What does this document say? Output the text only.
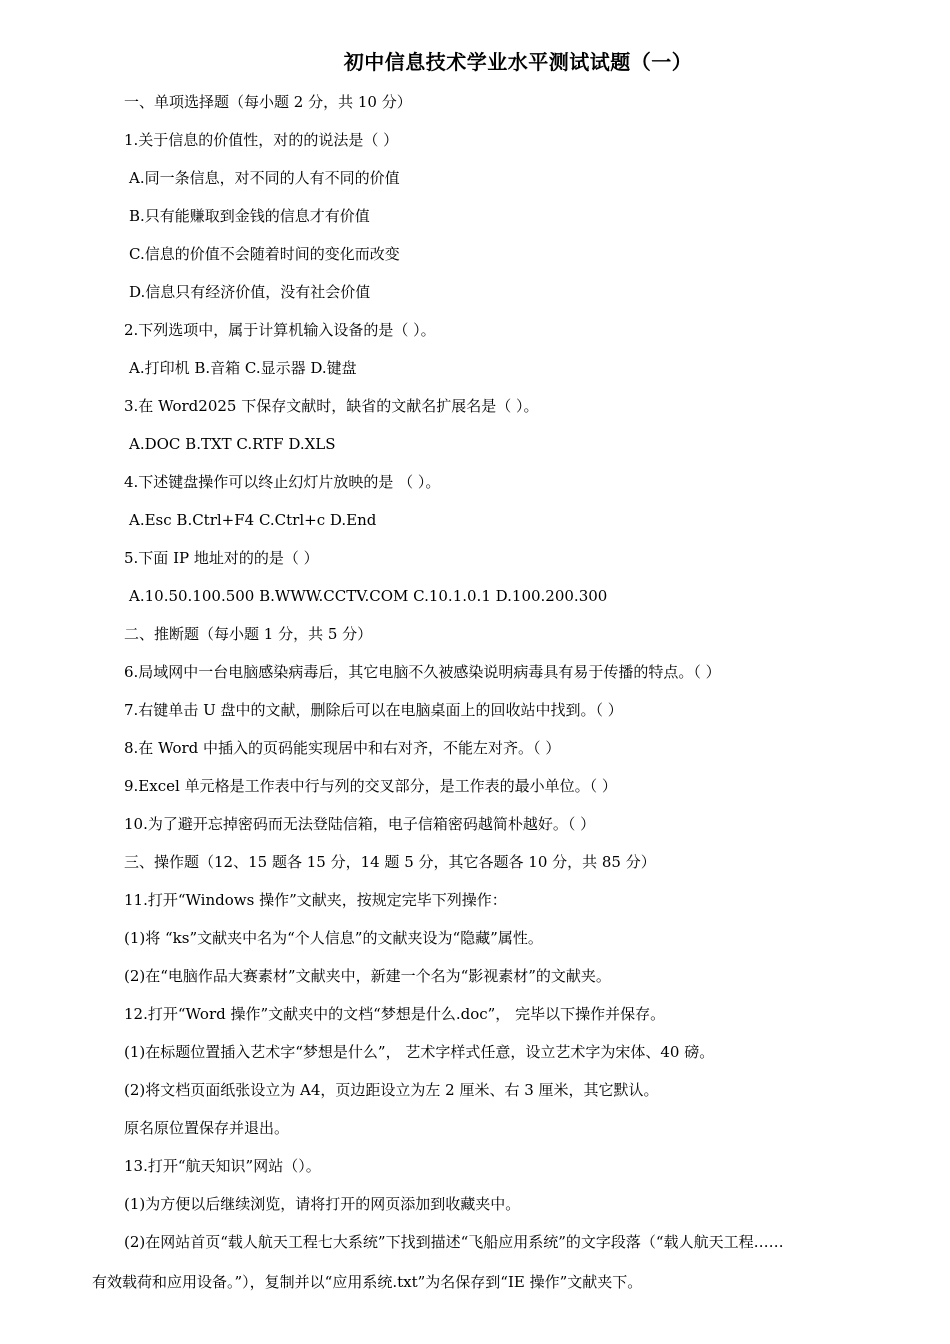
初中信息技术学业水平测试试题（一）
一、单项选择题（每小题 2 分，共 10 分）
1.关于信息的价值性，对的的说法是（ ）
A.同一条信息，对不同的人有不同的价值
B.只有能赚取到金钱的信息才有价值
C.信息的价值不会随着时间的变化而改变
D.信息只有经济价值，没有社会价值
2.下列选项中，属于计算机输入设备的是（ ）。
A.打印机 B.音箱 C.显示器 D.键盘
3.在 Word2025 下保存文献时，缺省的文献名扩展名是（ ）。
A.DOC B.TXT C.RTF D.XLS
4.下述键盘操作可以终止幻灯片放映的是 （ ）。
A.Esc B.Ctrl+F4 C.Ctrl+c D.End
5.下面 IP 地址对的的是（ ）
A.10.50.100.500 B.WWW.CCTV.COM C.10.1.0.1 D.100.200.300
二、推断题（每小题 1 分，共 5 分）
6.局域网中一台电脑感染病毒后，其它电脑不久被感染说明病毒具有易于传播的特点。（ ）
7.右键单击 U 盘中的文献，删除后可以在电脑桌面上的回收站中找到。（ ）
8.在 Word 中插入的页码能实现居中和右对齐，不能左对齐。（ ）
9.Excel 单元格是工作表中行与列的交叉部分，是工作表的最小单位。（ ）
10.为了避开忘掉密码而无法登陆信箱，电子信箱密码越简朴越好。（ ）
三、操作题（12、15 题各 15 分，14 题 5 分，其它各题各 10 分，共 85 分）
11.打开“Windows 操作”文献夹，按规定完毕下列操作：
(1)将 “ks”文献夹中名为“个人信息”的文献夹设为“隐藏”属性。
(2)在“电脑作品大赛素材”文献夹中，新建一个名为“影视素材”的文献夹。
12.打开“Word 操作”文献夹中的文档“梦想是什么.doc”， 完毕以下操作并保存。
(1)在标题位置插入艺术字“梦想是什么”， 艺术字样式任意，设立艺术字为宋体、40 磅。
(2)将文档页面纸张设立为 A4，页边距设立为左 2 厘米、右 3 厘米，其它默认。
原名原位置保存并退出。
13.打开“航天知识”网站（）。
(1)为方便以后继续浏览，请将打开的网页添加到收藏夹中。
(2)在网站首页“载人航天工程七大系统”下找到描述“飞船应用系统”的文字段落（“载人航天工程……
有效载荷和应用设备。”），复制并以“应用系统.txt”为名保存到“IE 操作”文献夹下。
